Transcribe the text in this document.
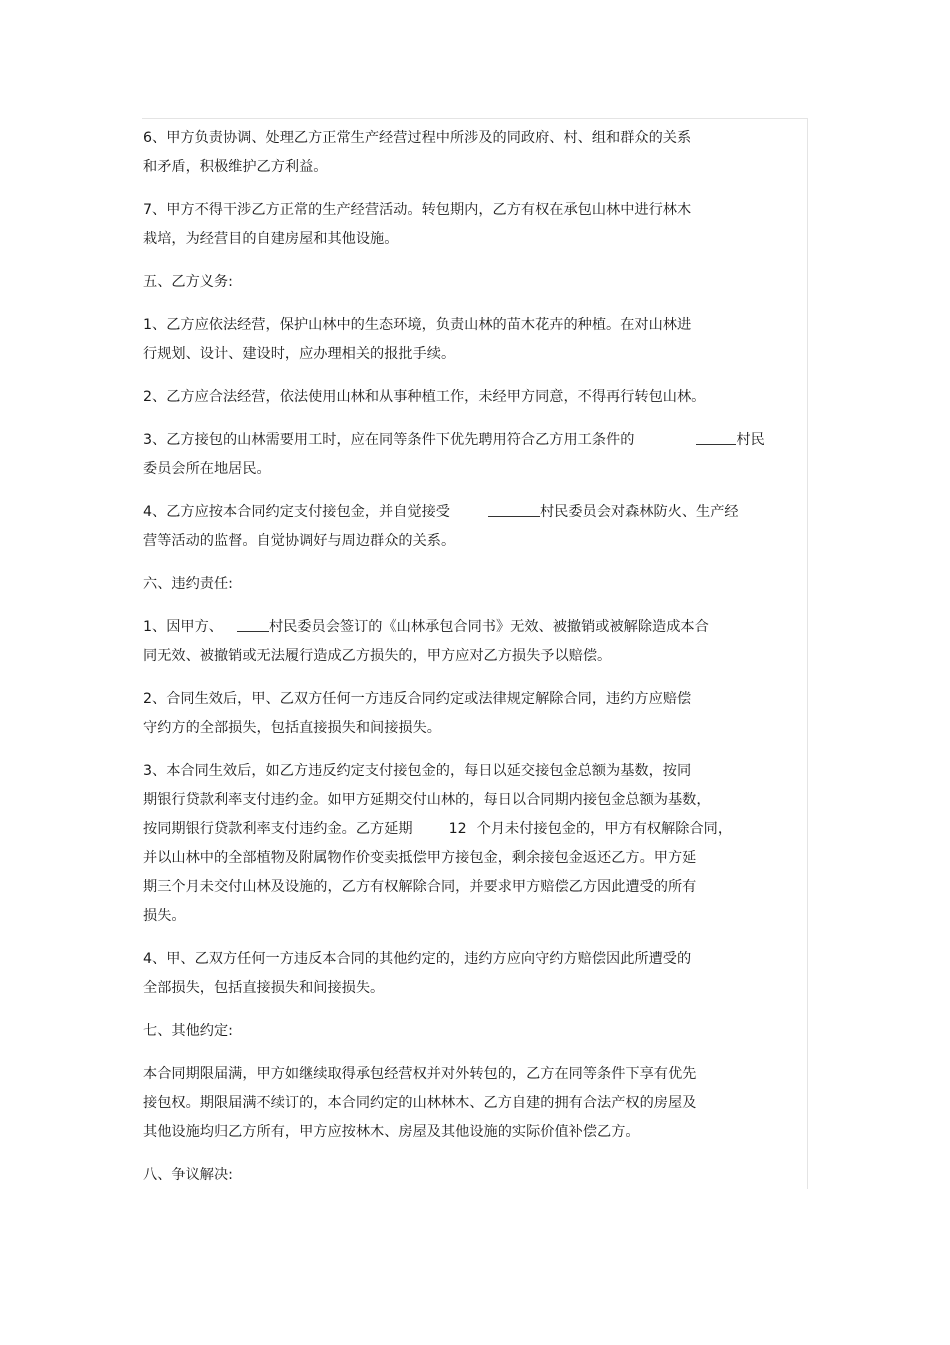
6、甲方负责协调、处理乙方正常生产经营过程中所涉及的同政府、村、组和群众的关系
和矛盾，积极维护乙方利益。
7、甲方不得干涉乙方正常的生产经营活动。转包期内，乙方有权在承包山林中进行林木
栽培，为经营目的自建房屋和其他设施。
五、乙方义务:
1、乙方应依法经营，保护山林中的生态环境，负责山林的苗木花卉的种植。在对山林进
行规划、设计、建设时，应办理相关的报批手续。
2、乙方应合法经营，依法使用山林和从事种植工作，未经甲方同意，不得再行转包山林。
3、乙方接包的山林需要用工时，应在同等条件下优先聘用符合乙方用工条件的	村民
委员会所在地居民。
4、乙方应按本合同约定支付接包金，并自觉接受	村民委员会对森林防火、生产经
营等活动的监督。自觉协调好与周边群众的关系。
六、违约责任:
1、因甲方、	村民委员会签订的《山林承包合同书》无效、被撤销或被解除造成本合
同无效、被撤销或无法履行造成乙方损失的，甲方应对乙方损失予以赔偿。
2、合同生效后，甲、乙双方任何一方违反合同约定或法律规定解除合同，违约方应赔偿
守约方的全部损失，包括直接损失和间接损失。
3、本合同生效后，如乙方违反约定支付接包金的，每日以延交接包金总额为基数，按同
期银行贷款利率支付违约金。如甲方延期交付山林的，每日以合同期内接包金总额为基数，
按同期银行贷款利率支付违约金。乙方延期	12 个月未付接包金的，甲方有权解除合同，
并以山林中的全部植物及附属物作价变卖抵偿甲方接包金，剩余接包金返还乙方。甲方延
期三个月未交付山林及设施的，乙方有权解除合同，并要求甲方赔偿乙方因此遭受的所有
损失。
4、甲、乙双方任何一方违反本合同的其他约定的，违约方应向守约方赔偿因此所遭受的
全部损失，包括直接损失和间接损失。
七、其他约定:
本合同期限届满，甲方如继续取得承包经营权并对外转包的，乙方在同等条件下享有优先
接包权。期限届满不续订的，本合同约定的山林林木、乙方自建的拥有合法产权的房屋及
其他设施均归乙方所有，甲方应按林木、房屋及其他设施的实际价值补偿乙方。
八、争议解决:
